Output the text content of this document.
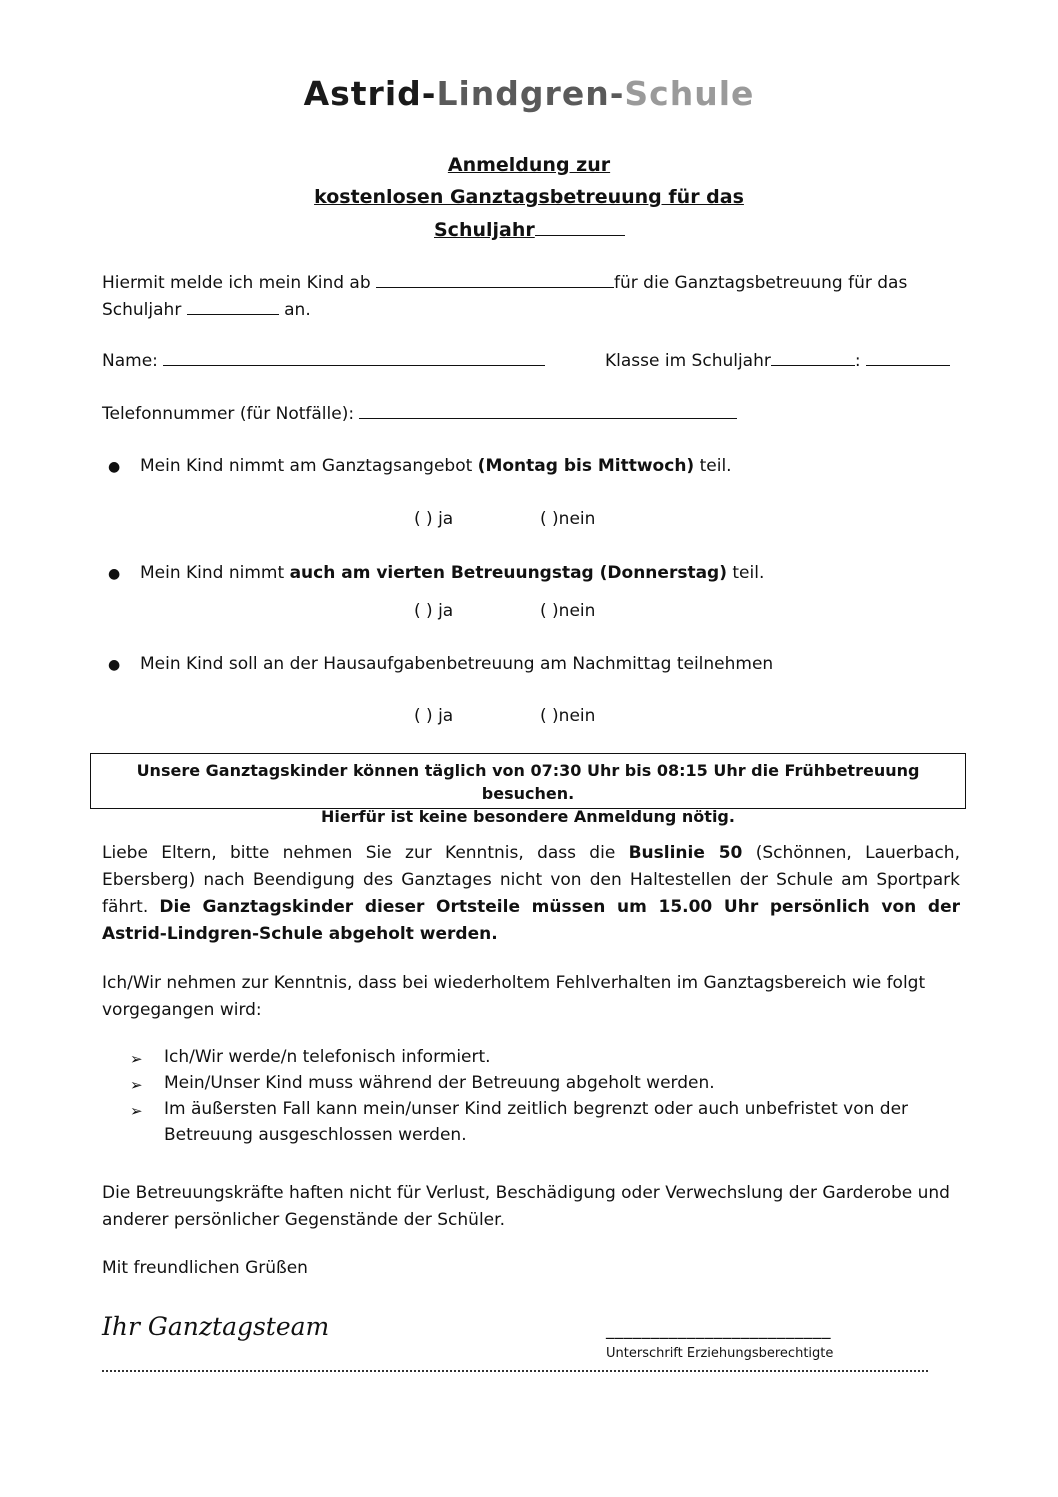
Astrid-Lindgren-Schule
Anmeldung zur
kostenlosen Ganztagsbetreuung für das
Schuljahr
Hiermit melde ich mein Kind ab	für die Ganztagsbetreuung für das
Schuljahr	an.
Name:	Klasse im Schuljahr	:
Telefonnummer (für Notfälle):
● Mein Kind nimmt am Ganztagsangebot (Montag bis Mittwoch) teil.
( ) ja	( )nein
● Mein Kind nimmt auch am vierten Betreuungstag (Donnerstag) teil.
( ) ja	( )nein
● Mein Kind soll an der Hausaufgabenbetreuung am Nachmittag teilnehmen
( ) ja	( )nein
Unsere Ganztagskinder können täglich von 07:30 Uhr bis 08:15 Uhr die Frühbetreuung besuchen.
Hierfür ist keine besondere Anmeldung nötig.
Liebe Eltern, bitte nehmen Sie zur Kenntnis, dass die Buslinie 50 (Schönnen, Lauerbach, Ebersberg) nach Beendigung des Ganztages nicht von den Haltestellen der Schule am Sportpark fährt. Die Ganztagskinder dieser Ortsteile müssen um 15.00 Uhr persönlich von der Astrid-Lindgren-Schule abgeholt werden.
Ich/Wir nehmen zur Kenntnis, dass bei wiederholtem Fehlverhalten im Ganztagsbereich wie folgt vorgegangen wird:
➢ Ich/Wir werde/n telefonisch informiert.
➢ Mein/Unser Kind muss während der Betreuung abgeholt werden.
➢ Im äußersten Fall kann mein/unser Kind zeitlich begrenzt oder auch unbefristet von der
Betreuung ausgeschlossen werden.
Die Betreuungskräfte haften nicht für Verlust, Beschädigung oder Verwechslung der Garderobe und anderer persönlicher Gegenstände der Schüler.
Mit freundlichen Grüßen
Ihr Ganztagsteam	_________________________
Unterschrift Erziehungsberechtigte
